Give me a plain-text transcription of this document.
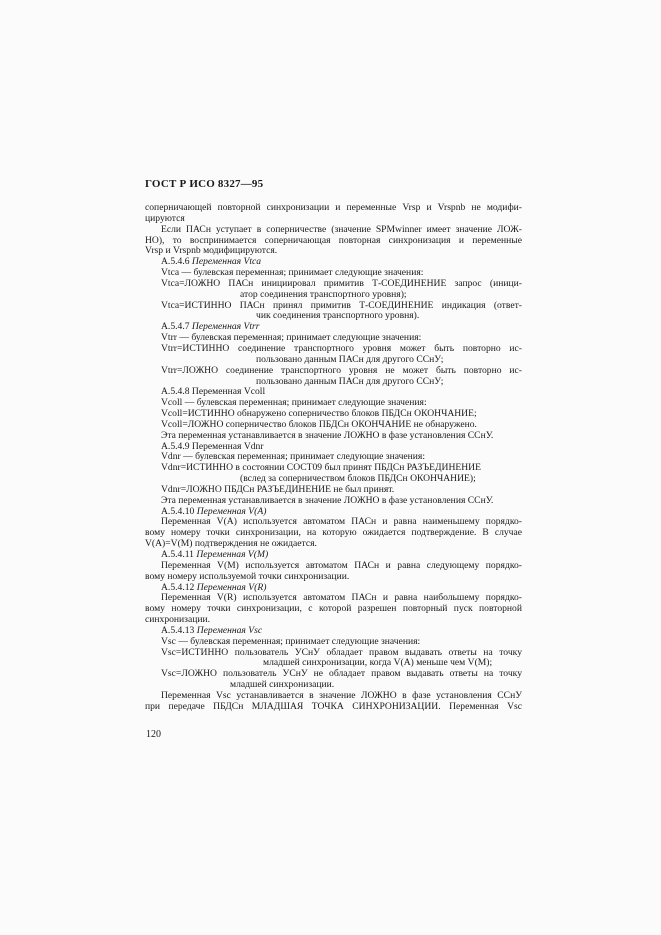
ГОСТ Р ИСО 8327—95
соперничающей повторной синхронизации и переменные Vrsp и Vrspnb не модифи-
цируются
Если ПАСн уступает в соперничестве (значение SPMwinner имеет значение ЛОЖ-
НО), то воспринимается соперничающая повторная синхронизация и переменные
Vrsp и Vrspnb модифицируются.
А.5.4.6 Переменная Vtca
Vtca — булевская переменная; принимает следующие значения:
Vtca=ЛОЖНО ПАСн инициировал примитив Т-СОЕДИНЕНИЕ запрос (иници-
атор соединения транспортного уровня);
Vtca=ИСТИННО ПАСн принял примитив Т-СОЕДИНЕНИЕ индикация (ответ-
чик соединения транспортного уровня).
А.5.4.7 Переменная Vtrr
Vtrr — булевская переменная; принимает следующие значения:
Vtrr=ИСТИННО соединение транспортного уровня может быть повторно ис-
пользовано данным ПАСн для другого ССнУ;
Vtrr=ЛОЖНО соединение транспортного уровня не может быть повторно ис-
пользовано данным ПАСн для другого ССнУ;
А.5.4.8 Переменная Vcoll
Vcoll — булевская переменная; принимает следующие значения:
Vcoll=ИСТИННО обнаружено соперничество блоков ПБДСн ОКОНЧАНИЕ;
Vcoll=ЛОЖНО соперничество блоков ПБДСн ОКОНЧАНИЕ не обнаружено.
Эта переменная устанавливается в значение ЛОЖНО в фазе установления ССнУ.
А.5.4.9 Переменная Vdnr
Vdnr — булевская переменная; принимает следующие значения:
Vdnr=ИСТИННО в состоянии СОСТ09 был принят ПБДСн РАЗЪЕДИНЕНИЕ
(вслед за соперничеством блоков ПБДСн ОКОНЧАНИЕ);
Vdnr=ЛОЖНО ПБДСн РАЗЪЕДИНЕНИЕ не был принят.
Эта переменная устанавливается в значение ЛОЖНО в фазе установления ССнУ.
А.5.4.10 Переменная V(A)
Переменная V(A) используется автоматом ПАСн и равна наименьшему порядко-
вому номеру точки синхронизации, на которую ожидается подтверждение. В случае
V(A)=V(M) подтверждения не ожидается.
А.5.4.11 Переменная V(M)
Переменная V(M) используется автоматом ПАСн и равна следующему порядко-
вому номеру используемой точки синхронизации.
А.5.4.12 Переменная V(R)
Переменная V(R) используется автоматом ПАСн и равна наибольшему порядко-
вому номеру точки синхронизации, с которой разрешен повторный пуск повторной
синхронизации.
А.5.4.13 Переменная Vsc
Vsc — булевская переменная; принимает следующие значения:
Vsc=ИСТИННО пользователь УСнУ обладает правом выдавать ответы на точку
младшей синхронизации, когда V(A) меньше чем V(M);
Vsc=ЛОЖНО пользователь УСнУ не обладает правом выдавать ответы на точку
младшей синхронизации.
Переменная Vsc устанавливается в значение ЛОЖНО в фазе установления ССнУ
при передаче ПБДСн МЛАДШАЯ ТОЧКА СИНХРОНИЗАЦИИ. Переменная Vsc
120
